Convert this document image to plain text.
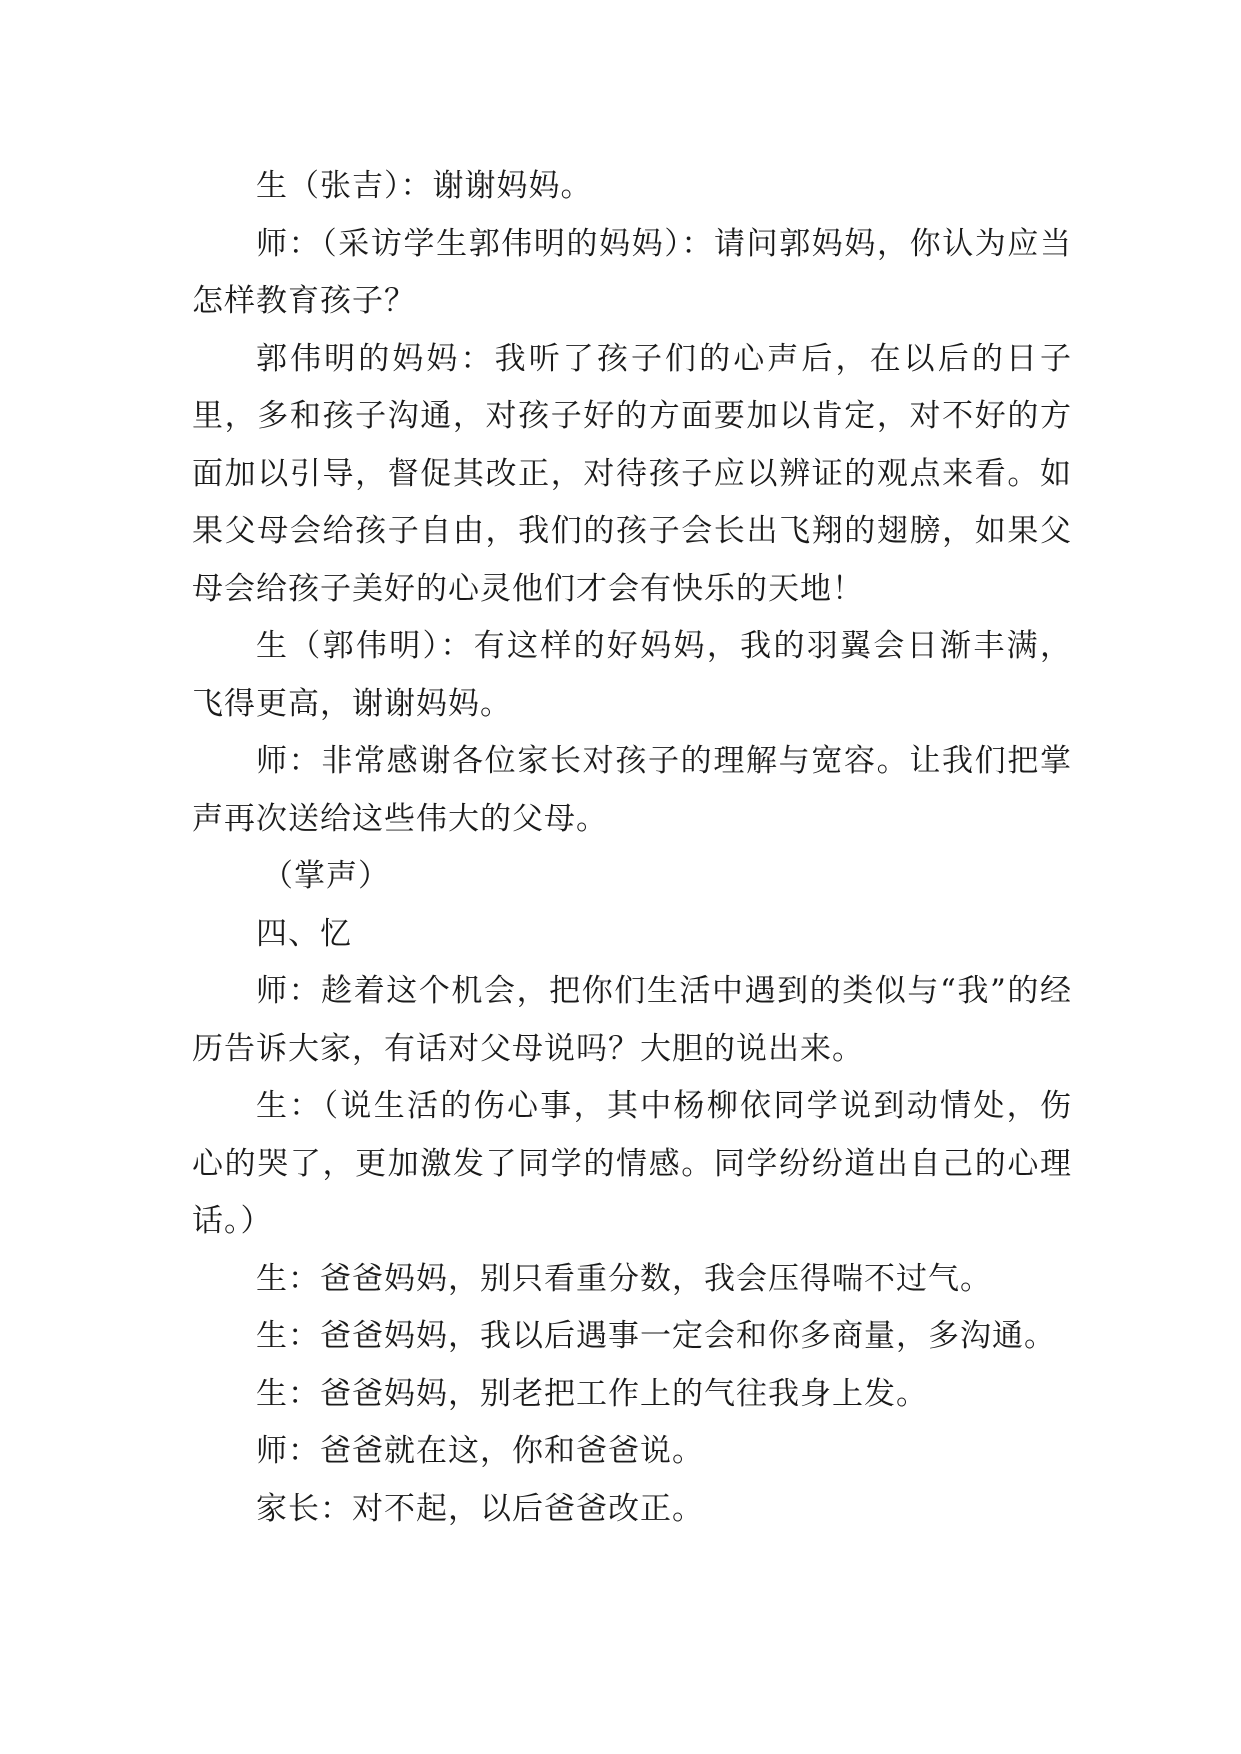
生（张吉）：谢谢妈妈。

师：（采访学生郭伟明的妈妈）：请问郭妈妈，你认为应当怎样教育孩子？

郭伟明的妈妈：我听了孩子们的心声后，在以后的日子里，多和孩子沟通，对孩子好的方面要加以肯定，对不好的方面加以引导，督促其改正，对待孩子应以辨证的观点来看。如果父母会给孩子自由，我们的孩子会长出飞翔的翅膀，如果父母会给孩子美好的心灵他们才会有快乐的天地！

生（郭伟明）：有这样的好妈妈，我的羽翼会日渐丰满，飞得更高，谢谢妈妈。

师：非常感谢各位家长对孩子的理解与宽容。让我们把掌声再次送给这些伟大的父母。

（掌声）

四、忆

师：趁着这个机会，把你们生活中遇到的类似与“我”的经历告诉大家，有话对父母说吗？大胆的说出来。

生：（说生活的伤心事，其中杨柳依同学说到动情处，伤心的哭了，更加激发了同学的情感。同学纷纷道出自己的心理话。）

生：爸爸妈妈，别只看重分数，我会压得喘不过气。

生：爸爸妈妈，我以后遇事一定会和你多商量，多沟通。

生：爸爸妈妈，别老把工作上的气往我身上发。

师：爸爸就在这，你和爸爸说。

家长：对不起，以后爸爸改正。
